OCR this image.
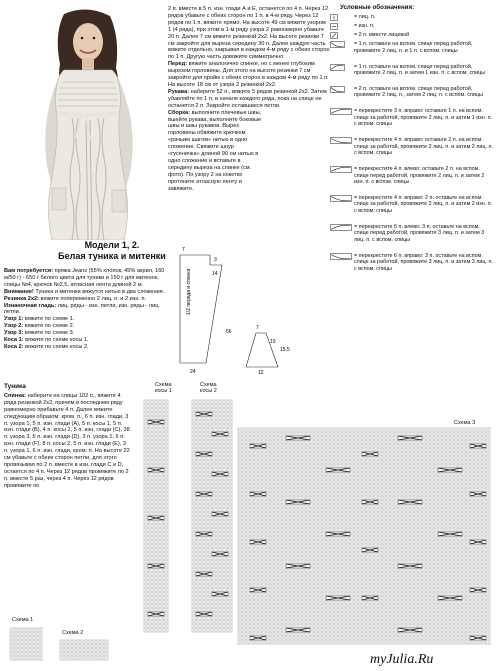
Модели 1, 2.
Белая туника и митенки

Вам потребуется: пряжа Jeans (55% хлопок, 45% акрил, 160 м/50 г) - 650 г белого цвета для туники и 150 г для митенок, спицы №4, крючок №2,5, атласная лента длиной 2 м.

Внимание! Туника и митенки вяжутся нитью в два сложения.

Резинка 2х2: вяжите попеременно 2 лиц. п. и 2 изн. п.

Изнаночная гладь: лиц. ряды - изн. петли, изн. ряды - лиц. петли.

Узор 1: вяжите по схеме 1.

Узор 2: вяжите по схеме 2.

Узор 3: вяжите по схеме 3.

Коса 1: вяжите по схеме косы 1.

Коса 2: вяжите по схеме косы 2.

Туника

Спинка: наберите на спицы 102 п., вяжите 4 ряда резинкой 2х2, причем в последнем ряду равномерно прибавьте 4 п. Далее вяжите следующим образом: кром. п., 6 п. изн. глади, 3 п. узора 1, 5 п. изн. глади (А), 5 п. косы 1, 5 п. изн. глади (В), 4 п. косы 2, 5 п. изн. глади (С), 38 п. узора 3, 5 п. изн. глади (D), 3 п. узора 1, 6 п. изн. глади (F), 8 п. косы 2, 5 п. изн. глади (E), 3 п. узора 1, 6 п. изн. глади, кром. п. На высоте 22 см убавьте с обеих сторон петли, для этого провязывая по 2 п. вместе в изн. глади С и D, остается по 4 п. Через 12 рядов провяжите по 2 п. вместе 5 раз, через 4 п. Через 12 рядов провяжите по

2 п. вместе в 5 п. изн. глади А и Е, останется по 4 п. Через 12 рядов убавьте с обеих сторон по 1 п. в 4-м ряду. Через 12 рядов по 1 п. вяжите прямо. На высоте 49 см вяжите узором 1 (4 ряда), при этом в 1-м ряду узора 2 равномерно убавьте 20 п. Далее 7 см вяжите резинкой 2х2. На высоте резинки 7 см закройте для выреза середину 30 п. Далее каждую часть вяжите отдельно, закрывая в каждом 4-м ряду с обеих сторон по 1 п. Другую часть довяжите симметрично.

Перед: вяжите аналогично спинке, но с менее глубоким вырезом горловины. Для этого на высоте резинки 7 см закройте для пройм с обеих сторон в каждом 4-м ряду по 1 п. На высоте 18 см от узора 2 резинкой 2х2.

Рукава: наберите 52 п., вяжите 5 рядов резинкой 2х2. Затем убавляйте по 1 п. в начале каждого ряда, пока на спице не останется 2 п. Закройте оставшиеся петли.

Сборка: выполните плечевые швы, вшейте рукава, выполните боковые швы и швы рукавов. Вырез горловины обвяжите крючком «рачьим шагом» нитью в одно сложение. Свяжите шнур «гусеничка» длиной 90 см нитью в одно сложение и вставьте в середину выреза на спинке (см. фото). По узору 2 на кокетке протяните атласную ленту и завяжите.

14
1/2 переда и спинки
56
24
15,5
12
7
3
10
7
Условные обозначения:
= лиц. п.
= изн. п.
= 2 п. вместе лицевой
= 1 п. оставьте на вспом. спице перед работой, провяжите 2 лиц. п. и 1 п. с вспом. спицы
= 1 п. оставьте на вспом. спице перед работой, провяжите 2 лиц. п. и затем 1 изн. п. с вспом. спицы
= 2 п. оставьте на вспом. спице перед работой, провяжите 2 лиц. п., затем 2 лиц. п. с вспом. спицы
= перекрестите 3 п. вправо: оставьте 1 п. на вспом. спице за работой, провяжите 2 лиц. п. и затем 1 изн. п. с вспом. спицы
= перекрестите 4 п. вправо: оставьте 2 п. на вспом. спице за работой, провяжите 2 лиц. п. и затем 2 лиц. п. с вспом. спицы
= перекрестите 4 п. влево: оставьте 2 п. на вспом. спице перед работой, провяжите 2 лиц. п. и затем 2 изн. п. с вспом. спицы
= перекрестите 4 п. вправо: 2 п. оставьте на вспом. спице за работой, провяжите 2 лиц. п. и затем 2 изн. п. с вспом. спицы
= перекрестите 6 п. влево: 3 п. оставьте на вспом. спице перед работой, провяжите 3 лиц. п. и затем 3 лиц. п. с вспом. спицы
= перекрестите 6 п. вправо: 3 п. оставьте на вспом. спице за работой, провяжите 3 лиц. п. и затем 3 лиц. п. с вспом. спицы
Схема косы 1
Схема косы 2
Схема 3
Схема 1
Схема 2
myJulia.Ru
